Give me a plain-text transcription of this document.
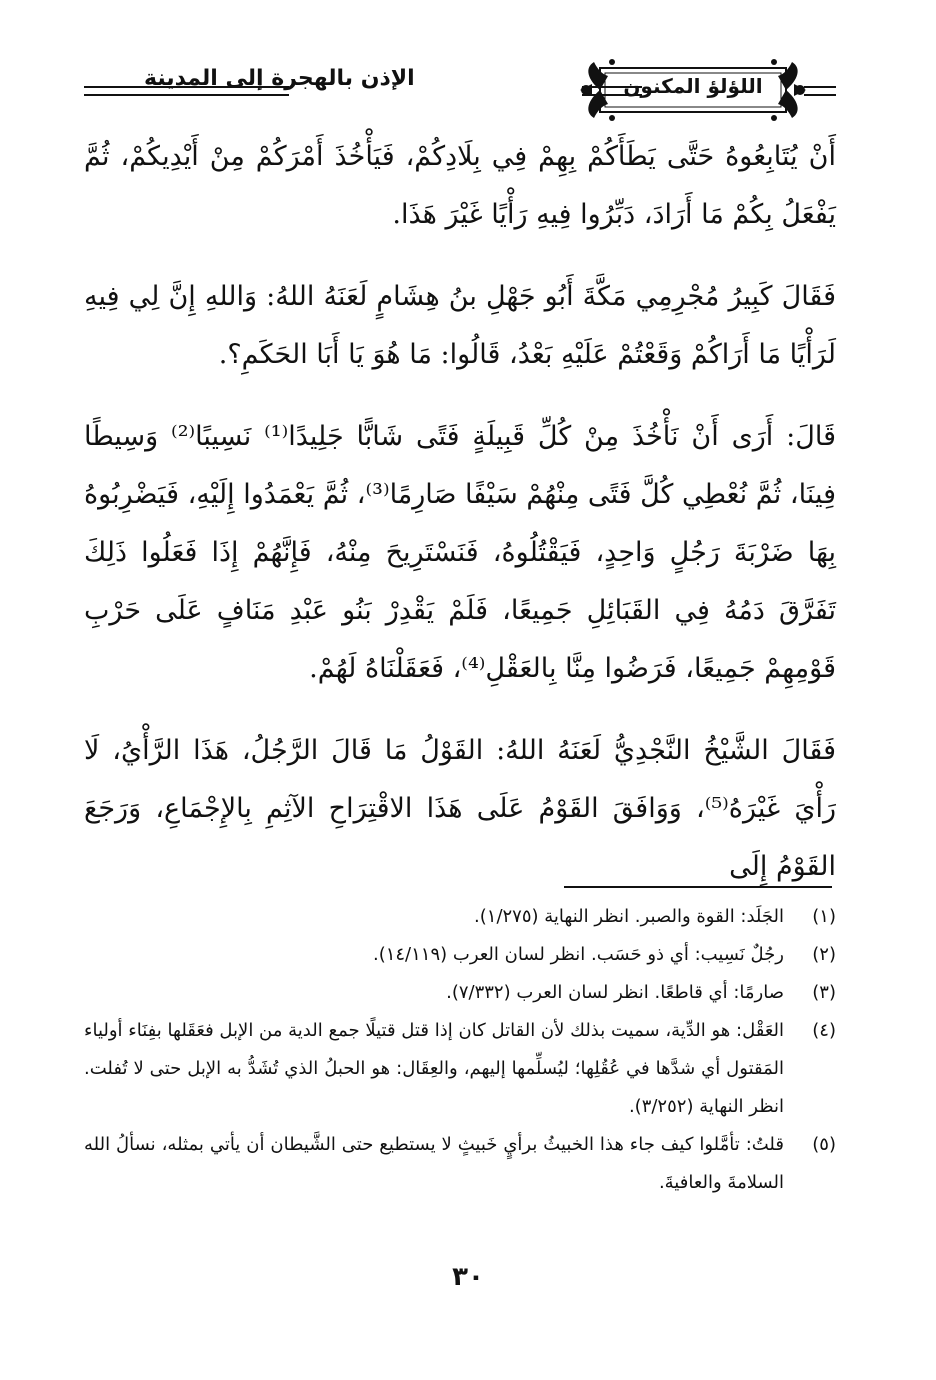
الإذن بالهجرة إلى المدينة	اللؤلؤ المكنون

أَنْ يُتَابِعُوهُ حَتَّى يَطَأَكُمْ بِهِمْ فِي بِلَادِكُمْ، فَيَأْخُذَ أَمْرَكُمْ مِنْ أَيْدِيكُمْ، ثُمَّ يَفْعَلُ بِكُمْ مَا أَرَادَ، دَبِّرُوا فِيهِ رَأْيًا غَيْرَ هَذَا.

فَقَالَ كَبِيرُ مُجْرِمِي مَكَّةَ أَبُو جَهْلِ بنُ هِشَامٍ لَعَنَهُ اللهُ: وَاللهِ إِنَّ لِي فِيهِ لَرَأْيًا مَا أَرَاكُمْ وَقَعْتُمْ عَلَيْهِ بَعْدُ، قَالُوا: مَا هُوَ يَا أَبَا الحَكَمِ؟.

قَالَ: أَرَى أَنْ نَأْخُذَ مِنْ كُلِّ قَبِيلَةٍ فَتًى شَابًّا جَلِيدًا⁽¹⁾ نَسِيبًا⁽²⁾ وَسِيطًا فِينَا، ثُمَّ نُعْطِي كُلَّ فَتًى مِنْهُمْ سَيْفًا صَارِمًا⁽³⁾، ثُمَّ يَعْمَدُوا إِلَيْهِ، فَيَضْرِبُوهُ بِهَا ضَرْبَةَ رَجُلٍ وَاحِدٍ، فَيَقْتُلُوهُ، فَنَسْتَرِيحَ مِنْهُ، فَإِنَّهُمْ إِذَا فَعَلُوا ذَلِكَ تَفَرَّقَ دَمُهُ فِي القَبَائِلِ جَمِيعًا، فَلَمْ يَقْدِرْ بَنُو عَبْدِ مَنَافٍ عَلَى حَرْبِ قَوْمِهِمْ جَمِيعًا، فَرَضُوا مِنَّا بِالعَقْلِ⁽⁴⁾، فَعَقَلْنَاهُ لَهُمْ.

فَقَالَ الشَّيْخُ النَّجْدِيُّ لَعَنَهُ اللهُ: القَوْلُ مَا قَالَ الرَّجُلُ، هَذَا الرَّأْيُ، لَا رَأْيَ غَيْرَهُ⁽⁵⁾، وَوَافَقَ القَوْمُ عَلَى هَذَا الاقْتِرَاحِ الآثِمِ بِالإِجْمَاعِ، وَرَجَعَ القَوْمُ إِلَى

(١)
الجَلَد: القوة والصبر. انظر النهاية (١/٢٧٥).
(٢)
رجُلٌ نَسِيب: أي ذو حَسَب. انظر لسان العرب (١٤/١١٩).
(٣)
صارمًا: أي قاطعًا. انظر لسان العرب (٧/٣٣٢).
(٤)
العَقْل: هو الدِّية، سميت بذلك لأن القاتل كان إذا قتل قتيلًا جمع الدية من الإبل فعَقَلها بفِنَاء أولياء المَقتول أي شدَّها في عُقُلِها؛ ليُسلِّمها إليهم، والعِقَال: هو الحبلُ الذي تُشَدُّ به الإبل حتى لا تُفلت. انظر النهاية (٣/٢٥٢).
(٥)
قلتُ: تأمَّلوا كيف جاء هذا الخبيثُ برأيٍ خَبيثٍ لا يستطيع حتى الشَّيطان أن يأتي بمثله، نسألُ الله السلامةَ والعافيةَ.
٣٠
